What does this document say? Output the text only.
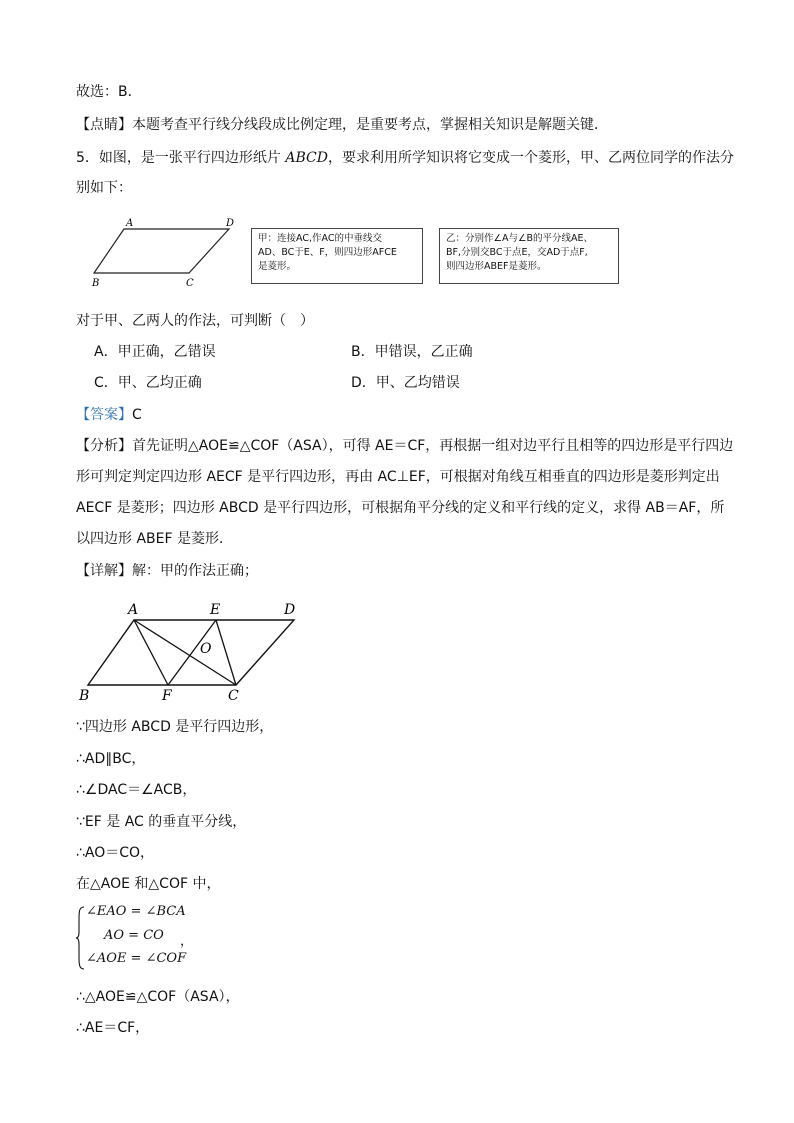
故选：B．
【点睛】本题考查平行线分线段成比例定理，是重要考点，掌握相关知识是解题关键．
5．如图，是一张平行四边形纸片 ABCD，要求利用所学知识将它变成一个菱形，甲、乙两位同学的作法分
别如下：
A	D
B	C
甲：连接AC,作AC的中垂线交
AD、BC于E、F，则四边形AFCE
是菱形。
乙：分别作∠A与∠B的平分线AE、
BF,分别交BC于点E，交AD于点F,
则四边形ABEF是菱形。
对于甲、乙两人的作法，可判断（　）
A．甲正确，乙错误	B．甲错误，乙正确
C．甲、乙均正确	D．甲、乙均错误
【答案】C
【分析】首先证明△AOE≌△COF（ASA），可得 AE＝CF，再根据一组对边平行且相等的四边形是平行四边
形可判定判定四边形 AECF 是平行四边形，再由 AC⊥EF，可根据对角线互相垂直的四边形是菱形判定出
AECF 是菱形；四边形 ABCD 是平行四边形，可根据角平分线的定义和平行线的定义，求得 AB＝AF，所
以四边形 ABEF 是菱形．
【详解】解：甲的作法正确；
A	E	D
O
B	F	C
∵四边形 ABCD 是平行四边形，
∴AD∥BC，
∴∠DAC＝∠ACB，
∵EF 是 AC 的垂直平分线，
∴AO＝CO，
在△AOE 和△COF 中，
∠EAO = ∠BCA
AO = CO ，
∠AOE = ∠COF
∴△AOE≌△COF（ASA），
∴AE＝CF，
